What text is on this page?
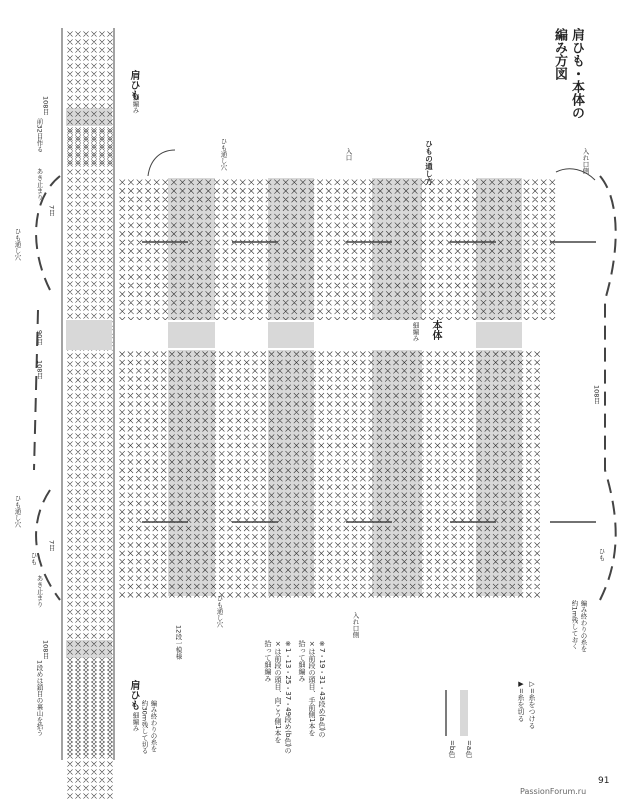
肩ひも・本体の
編み方図
肩ひも
細編み
108目
前32目作る
あき止まり
7目
ひも通し穴
90目
108目
ひも通し穴
ひも
7目
あき止まり
108目
1段めは鎖目の裏山を拾う	肩ひも
細編み 編み終わりの糸を
約30m残して切る
ひも通し穴	入口	ひもの通し方	入れ口側
本体
細編み
108目
ひも
編み終わりの糸を
約1m残しておく
ひも通し穴
12段一模様	入れ口側
※7・19・31・43段め(a色)の
×は前段の頭目、手前側1本を
拾って細編み
※1・13・25・37・49段め(b色)の
×は前段の頭目、向こう側1本を
拾って細編み
▷=糸をつける
▶=糸を切る
=a色
=b色
91
PassionForum.ru
